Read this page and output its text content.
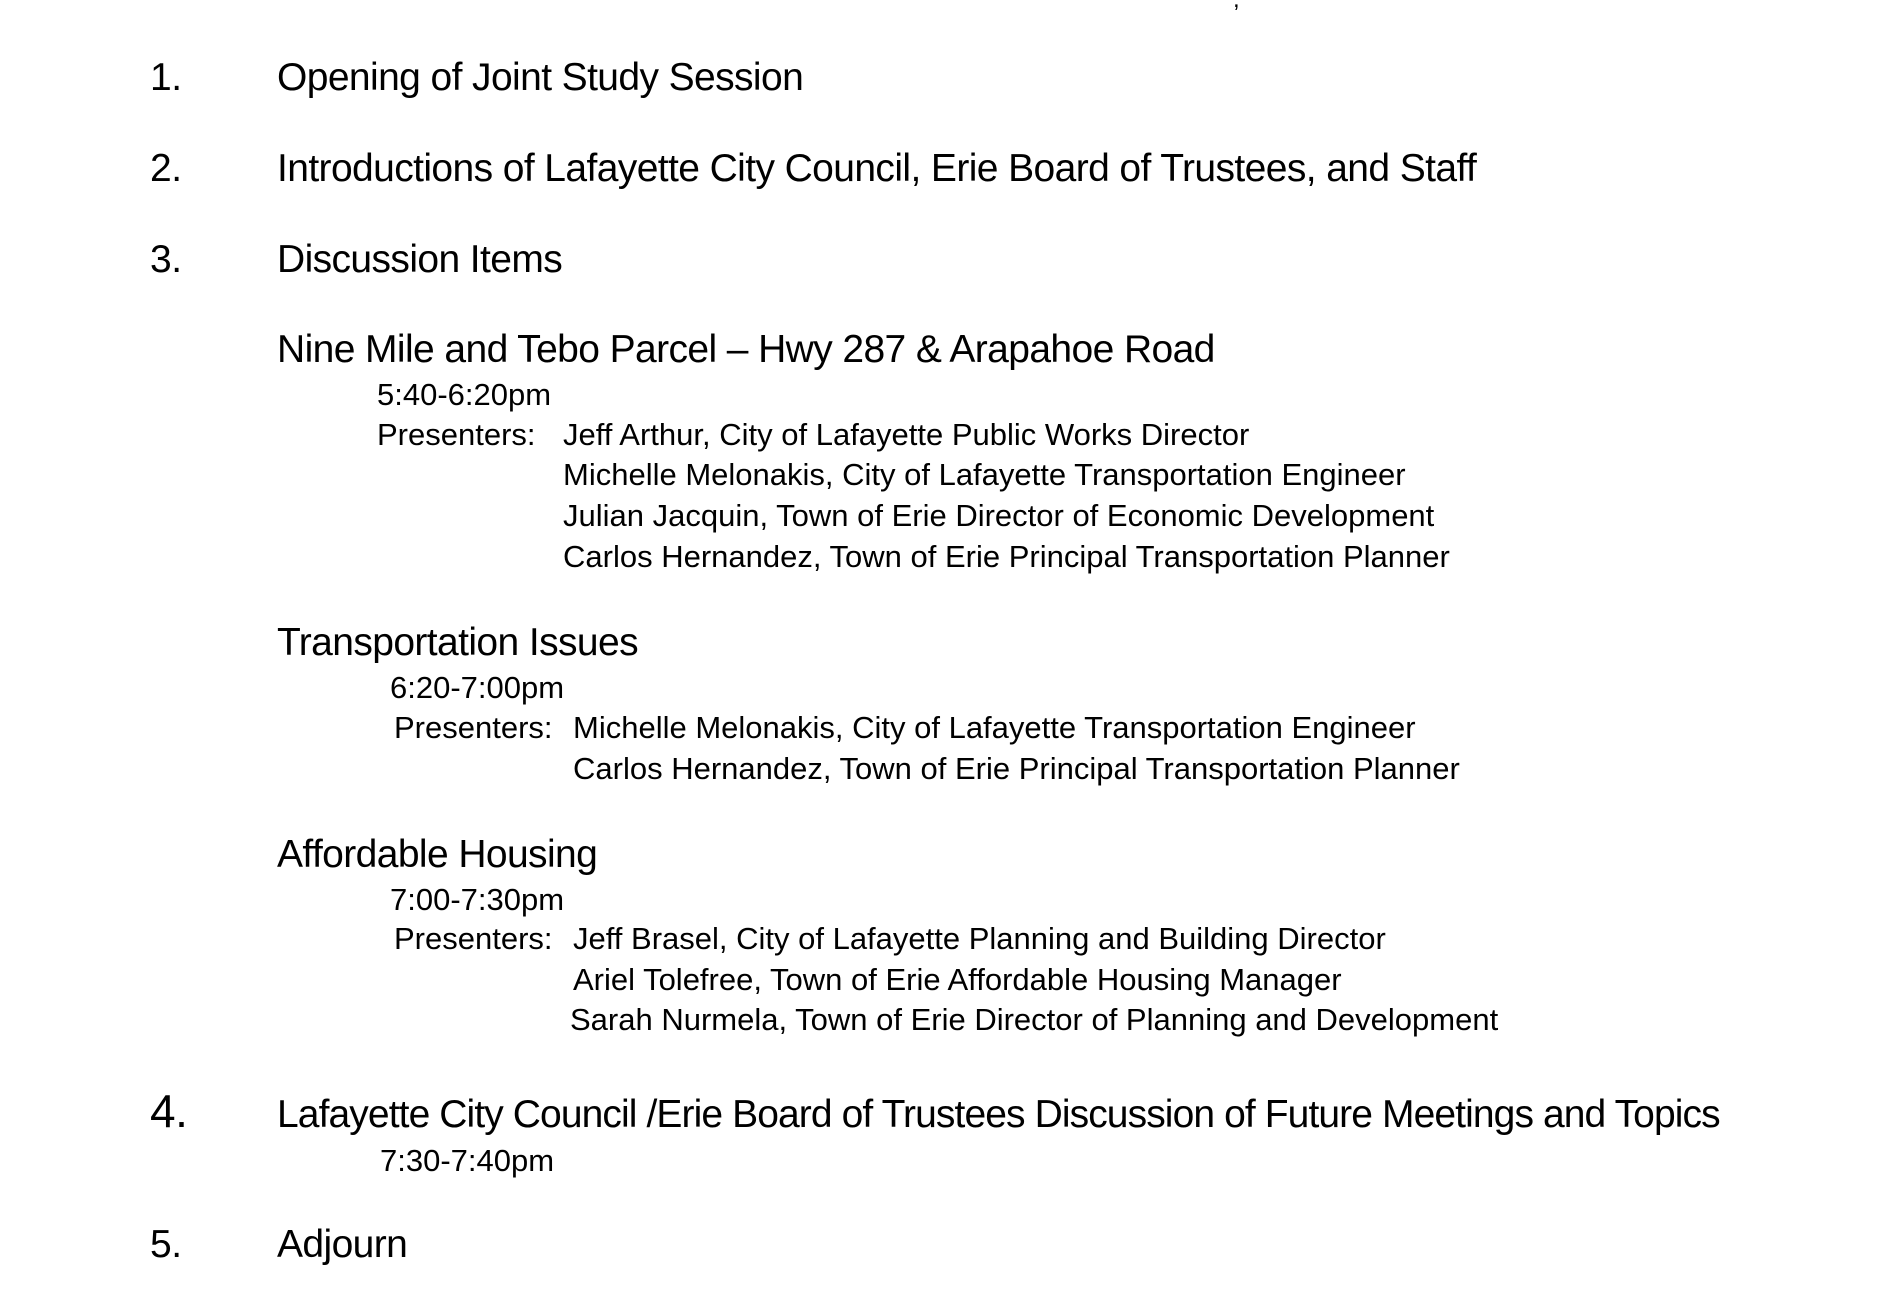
1. Opening of Joint Study Session
2. Introductions of Lafayette City Council, Erie Board of Trustees, and Staff
3. Discussion Items
Nine Mile and Tebo Parcel – Hwy 287 & Arapahoe Road
5:40-6:20pm
Presenters: Jeff Arthur, City of Lafayette Public Works Director
Michelle Melonakis, City of Lafayette Transportation Engineer
Julian Jacquin, Town of Erie Director of Economic Development
Carlos Hernandez, Town of Erie Principal Transportation Planner
Transportation Issues
6:20-7:00pm
Presenters: Michelle Melonakis, City of Lafayette Transportation Engineer
Carlos Hernandez, Town of Erie Principal Transportation Planner
Affordable Housing
7:00-7:30pm
Presenters: Jeff Brasel, City of Lafayette Planning and Building Director
Ariel Tolefree, Town of Erie Affordable Housing Manager
Sarah Nurmela, Town of Erie Director of Planning and Development
4. Lafayette City Council /Erie Board of Trustees Discussion of Future Meetings and Topics
7:30-7:40pm
5. Adjourn
